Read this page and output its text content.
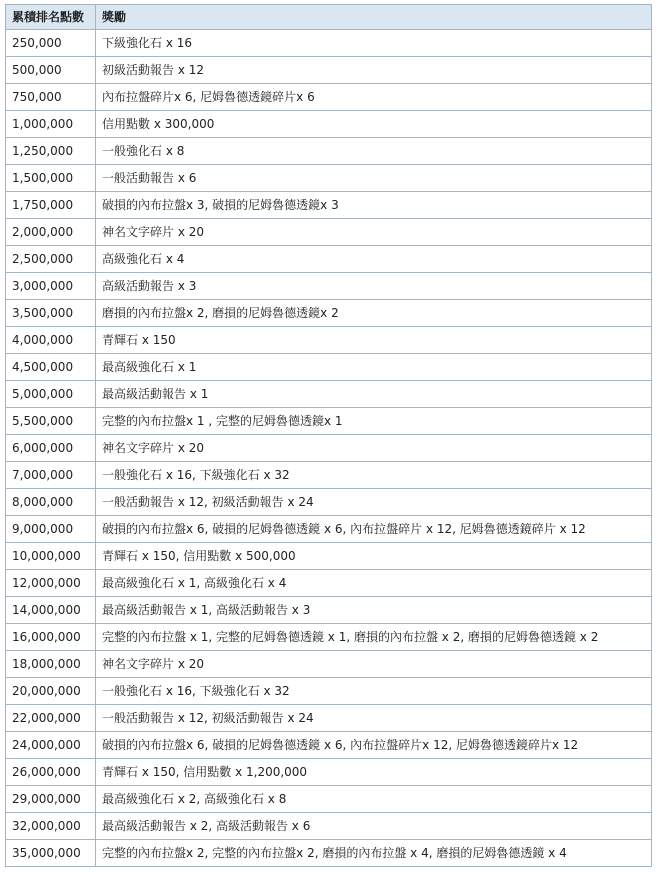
累積排名點數	獎勵
250,000	下級強化石 x 16
500,000	初級活動報告 x 12
750,000	內布拉盤碎片x 6, 尼姆魯德透鏡碎片x 6
1,000,000	信用點數 x 300,000
1,250,000	一般強化石 x 8
1,500,000	一般活動報告 x 6
1,750,000	破損的內布拉盤x 3, 破損的尼姆魯德透鏡x 3
2,000,000	神名文字碎片 x 20
2,500,000	高級強化石 x 4
3,000,000	高級活動報告 x 3
3,500,000	磨損的內布拉盤x 2, 磨損的尼姆魯德透鏡x 2
4,000,000	青輝石 x 150
4,500,000	最高級強化石 x 1
5,000,000	最高級活動報告 x 1
5,500,000	完整的內布拉盤x 1 , 完整的尼姆魯德透鏡x 1
6,000,000	神名文字碎片 x 20
7,000,000	一般強化石 x 16, 下級強化石 x 32
8,000,000	一般活動報告 x 12, 初級活動報告 x 24
9,000,000	破損的內布拉盤x 6, 破損的尼姆魯德透鏡 x 6, 內布拉盤碎片 x 12, 尼姆魯德透鏡碎片 x 12
10,000,000	青輝石 x 150, 信用點數 x 500,000
12,000,000	最高級強化石 x 1, 高級強化石 x 4
14,000,000	最高級活動報告 x 1, 高級活動報告 x 3
16,000,000	完整的內布拉盤 x 1, 完整的尼姆魯德透鏡 x 1, 磨損的內布拉盤 x 2, 磨損的尼姆魯德透鏡 x 2
18,000,000	神名文字碎片 x 20
20,000,000	一般強化石 x 16, 下級強化石 x 32
22,000,000	一般活動報告 x 12, 初級活動報告 x 24
24,000,000	破損的內布拉盤x 6, 破損的尼姆魯德透鏡 x 6, 內布拉盤碎片x 12, 尼姆魯德透鏡碎片x 12
26,000,000	青輝石 x 150, 信用點數 x 1,200,000
29,000,000	最高級強化石 x 2, 高級強化石 x 8
32,000,000	最高級活動報告 x 2, 高級活動報告 x 6
35,000,000	完整的內布拉盤x 2, 完整的內布拉盤x 2, 磨損的內布拉盤 x 4, 磨損的尼姆魯德透鏡 x 4
